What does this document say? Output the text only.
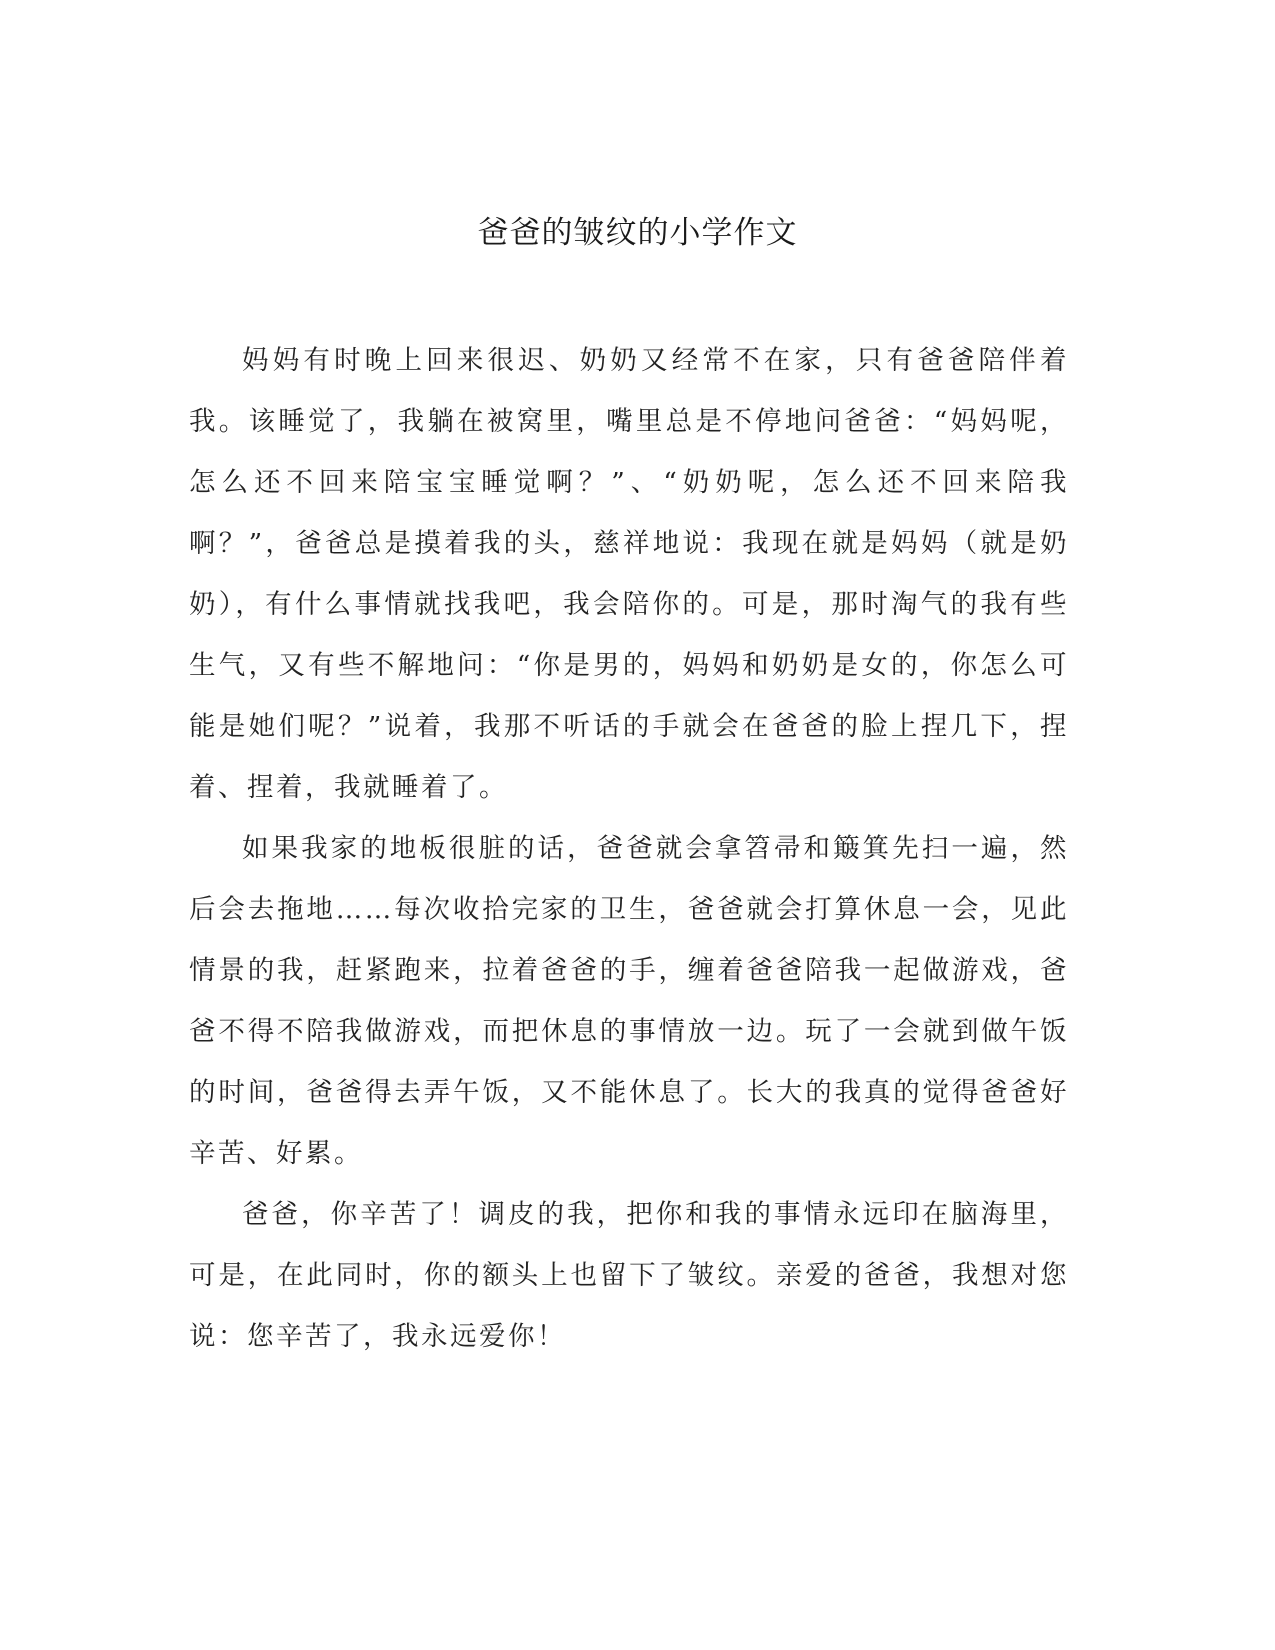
爸爸的皱纹的小学作文

妈妈有时晚上回来很迟、奶奶又经常不在家，只有爸爸陪伴着我。该睡觉了，我躺在被窝里，嘴里总是不停地问爸爸：“妈妈呢，怎么还不回来陪宝宝睡觉啊？”、“奶奶呢，怎么还不回来陪我啊？”，爸爸总是摸着我的头，慈祥地说：我现在就是妈妈（就是奶奶），有什么事情就找我吧，我会陪你的。可是，那时淘气的我有些生气，又有些不解地问：“你是男的，妈妈和奶奶是女的，你怎么可能是她们呢？”说着，我那不听话的手就会在爸爸的脸上捏几下，捏着、捏着，我就睡着了。

如果我家的地板很脏的话，爸爸就会拿笤帚和簸箕先扫一遍，然后会去拖地……每次收拾完家的卫生，爸爸就会打算休息一会，见此情景的我，赶紧跑来，拉着爸爸的手，缠着爸爸陪我一起做游戏，爸爸不得不陪我做游戏，而把休息的事情放一边。玩了一会就到做午饭的时间，爸爸得去弄午饭，又不能休息了。长大的我真的觉得爸爸好辛苦、好累。

爸爸，你辛苦了！调皮的我，把你和我的事情永远印在脑海里，可是，在此同时，你的额头上也留下了皱纹。亲爱的爸爸，我想对您说：您辛苦了，我永远爱你！
